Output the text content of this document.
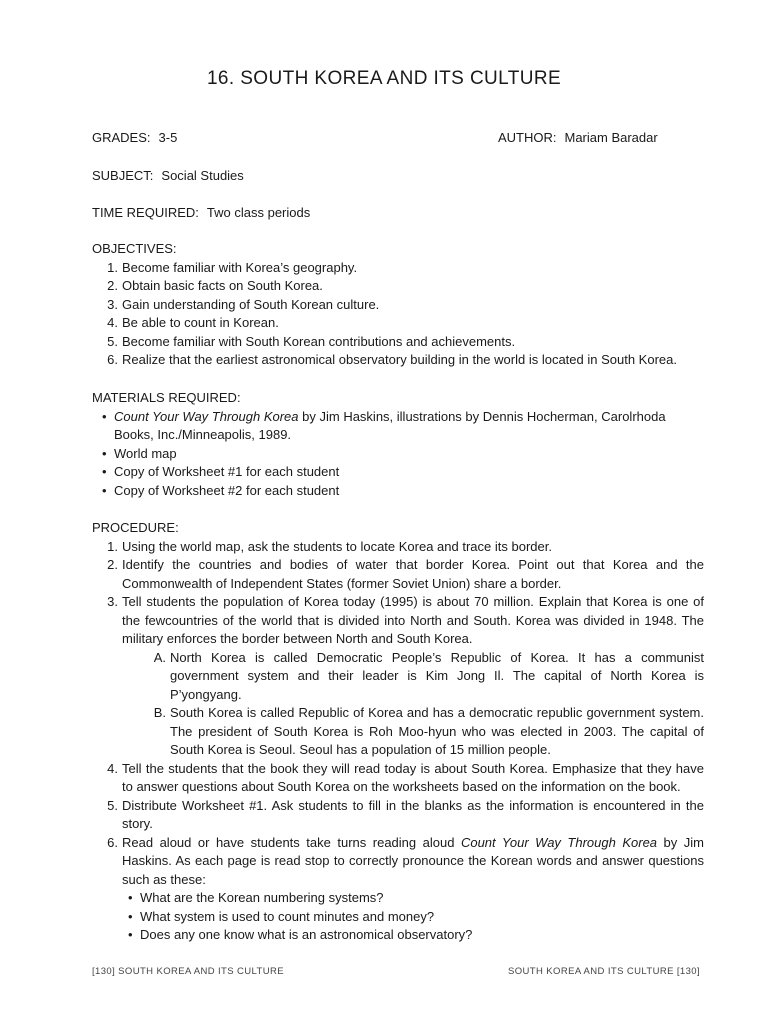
16. SOUTH KOREA AND ITS CULTURE
GRADES: 3-5	AUTHOR: Mariam Baradar
SUBJECT: Social Studies
TIME REQUIRED: Two class periods
OBJECTIVES:
1. Become familiar with Korea’s geography.
2. Obtain basic facts on South Korea.
3. Gain understanding of South Korean culture.
4. Be able to count in Korean.
5. Become familiar with South Korean contributions and achievements.
6. Realize that the earliest astronomical observatory building in the world is located in South Korea.
MATERIALS REQUIRED:
• Count Your Way Through Korea by Jim Haskins, illustrations by Dennis Hocherman, Carolrhoda Books, Inc./Minneapolis, 1989.
• World map
• Copy of Worksheet #1 for each student
• Copy of Worksheet #2 for each student
PROCEDURE:
1. Using the world map, ask the students to locate Korea and trace its border.
2. Identify the countries and bodies of water that border Korea. Point out that Korea and the Commonwealth of Independent States (former Soviet Union) share a border.
3. Tell students the population of Korea today (1995) is about 70 million. Explain that Korea is one of the fewcountries of the world that is divided into North and South. Korea was divided in 1948. The military enforces the border between North and South Korea.
A. North Korea is called Democratic People’s Republic of Korea. It has a communist government system and their leader is Kim Jong Il. The capital of North Korea is P’yongyang.
B. South Korea is called Republic of Korea and has a democratic republic government system. The president of South Korea is Roh Moo-hyun who was elected in 2003. The capital of South Korea is Seoul. Seoul has a population of 15 million people.
4. Tell the students that the book they will read today is about South Korea. Emphasize that they have to answer questions about South Korea on the worksheets based on the information on the book.
5. Distribute Worksheet #1. Ask students to fill in the blanks as the information is encountered in the story.
6. Read aloud or have students take turns reading aloud Count Your Way Through Korea by Jim Haskins. As each page is read stop to correctly pronounce the Korean words and answer questions such as these:
• What are the Korean numbering systems?
• What system is used to count minutes and money?
• Does any one know what is an astronomical observatory?
[130] SOUTH KOREA AND ITS CULTURE	SOUTH KOREA AND ITS CULTURE [130]
